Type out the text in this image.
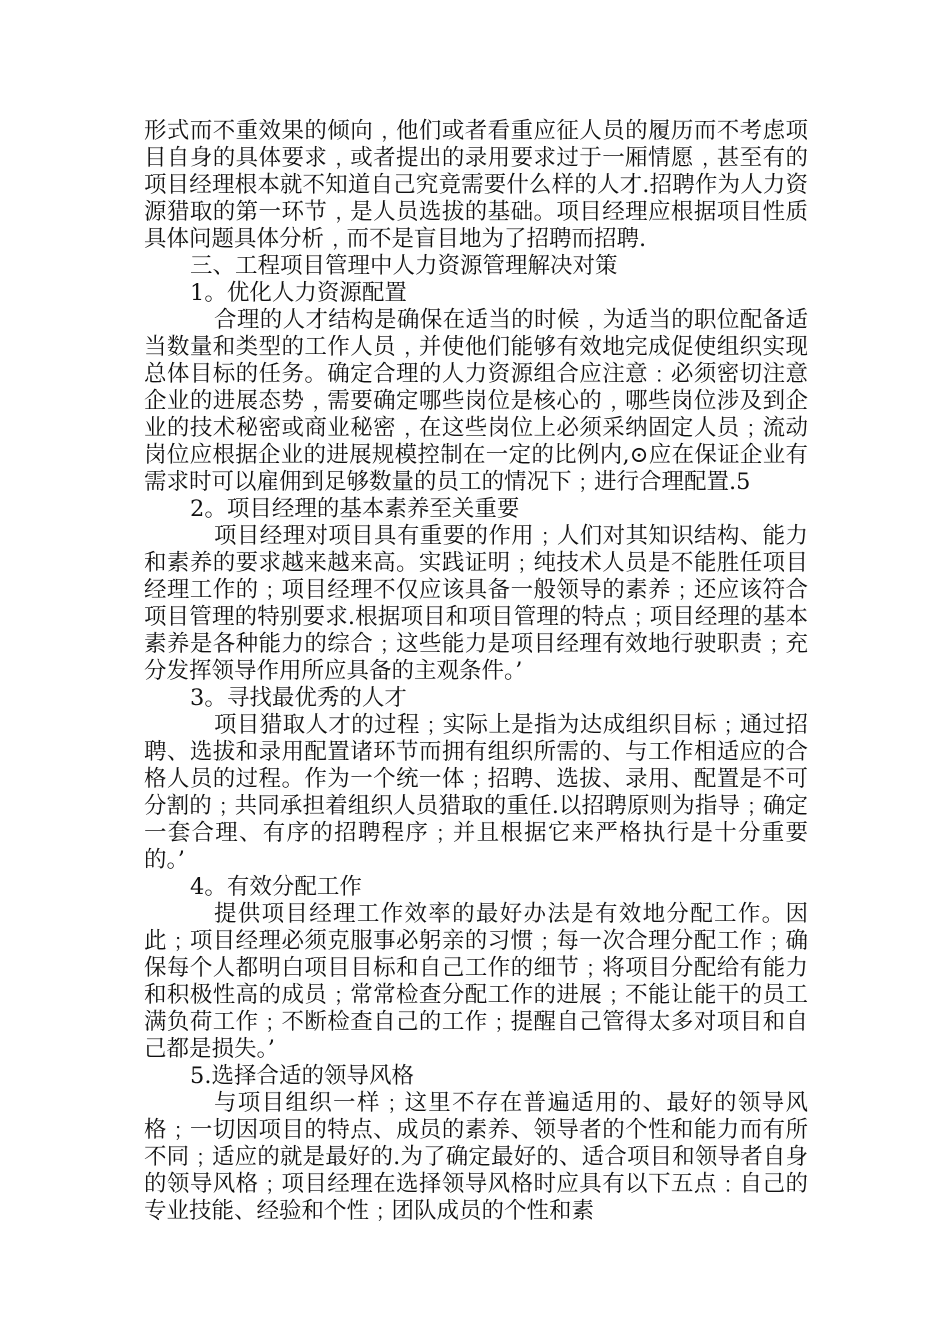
形式而不重效果的倾向﹐他们或者看重应征人员的履历而不考虑项目自身的具体要求﹐或者提出的录用要求过于一厢情愿﹐甚至有的项目经理根本就不知道自己究竟需要什么样的人才.招聘作为人力资源猎取的第一环节﹐是人员选拔的基础。项目经理应根据项目性质具体问题具体分析﹐而不是盲目地为了招聘而招聘.

三、工程项目管理中人力资源管理解决对策

1。优化人力资源配置

合理的人才结构是确保在适当的时候﹐为适当的职位配备适当数量和类型的工作人员﹐并使他们能够有效地完成促使组织实现总体目标的任务。确定合理的人力资源组合应注意﹕必须密切注意企业的进展态势﹐需要确定哪些岗位是核心的﹐哪些岗位涉及到企业的技术秘密或商业秘密﹐在这些岗位上必须采纳固定人员﹔流动岗位应根据企业的进展规模控制在一定的比例内,⊙应在保证企业有需求时可以雇佣到足够数量的员工的情况下﹔进行合理配置.5

2。项目经理的基本素养至关重要

项目经理对项目具有重要的作用﹔人们对其知识结构、能力和素养的要求越来越来高。实践证明﹔纯技术人员是不能胜任项目经理工作的﹔项目经理不仅应该具备一般领导的素养﹔还应该符合项目管理的特别要求.根据项目和项目管理的特点﹔项目经理的基本素养是各种能力的综合﹔这些能力是项目经理有效地行驶职责﹔充分发挥领导作用所应具备的主观条件。’

3。寻找最优秀的人才

项目猎取人才的过程﹔实际上是指为达成组织目标﹔通过招聘、选拔和录用配置诸环节而拥有组织所需的、与工作相适应的合格人员的过程。作为一个统一体﹔招聘、选拔、录用、配置是不可分割的﹔共同承担着组织人员猎取的重任.以招聘原则为指导﹔确定一套合理、有序的招聘程序﹔并且根据它来严格执行是十分重要的。’

4。有效分配工作

提供项目经理工作效率的最好办法是有效地分配工作。因此﹔项目经理必须克服事必躬亲的习惯﹔每一次合理分配工作﹔确保每个人都明白项目目标和自己工作的细节﹔将项目分配给有能力和积极性高的成员﹔常常检查分配工作的进展﹔不能让能干的员工满负荷工作﹔不断检查自己的工作﹔提醒自己管得太多对项目和自己都是损失。’

5.选择合适的领导风格

与项目组织一样﹔这里不存在普遍适用的、最好的领导风格﹔一切因项目的特点、成员的素养、领导者的个性和能力而有所不同﹔适应的就是最好的.为了确定最好的、适合项目和领导者自身的领导风格﹔项目经理在选择领导风格时应具有以下五点﹕自己的专业技能、经验和个性﹔团队成员的个性和素
